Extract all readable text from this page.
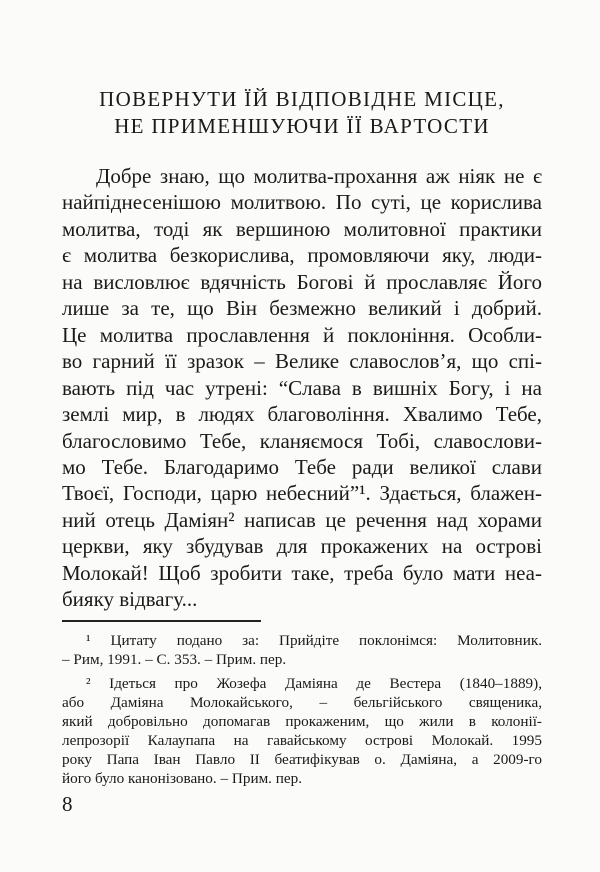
ПОВЕРНУТИ ЇЙ ВІДПОВІДНЕ МІСЦЕ,
НЕ ПРИМЕНШУЮЧИ ЇЇ ВАРТОСТИ
Добре знаю, що молитва-прохання аж ніяк не є
найпіднесенішою молитвою. По суті, це корислива
молитва, тоді як вершиною молитовної практики
є молитва безкорислива, промовляючи яку, люди-
на висловлює вдячність Богові й прославляє Його
лише за те, що Він безмежно великий і добрий.
Це молитва прославлення й поклоніння. Особли-
во гарний її зразок – Велике славослов’я, що спі-
вають під час утрені: “Слава в вишніх Богу, і на
землі мир, в людях благовоління. Хвалимо Тебе,
благословимо Тебе, кланяємося Тобі, славослови-
мо Тебе. Благодаримо Тебе ради великої слави
Твоєї, Господи, царю небесний”¹. Здається, блажен-
ний отець Даміян² написав це речення над хорами
церкви, яку збудував для прокажених на острові
Молокай! Щоб зробити таке, треба було мати неа-
бияку відвагу...
¹ Цитату подано за: Прийдіте поклонімся: Молитовник.
– Рим, 1991. – С. 353. – Прим. пер.
² Ідеться про Жозефа Даміяна де Вестера (1840–1889),
або Даміяна Молокайського, – бельгійського священика,
який добровільно допомагав прокаженим, що жили в колонії-
лепрозорії Калаупапа на гавайському острові Молокай. 1995
року Папа Іван Павло ІІ беатифікував о. Даміяна, а 2009-го
його було канонізовано. – Прим. пер.
8
